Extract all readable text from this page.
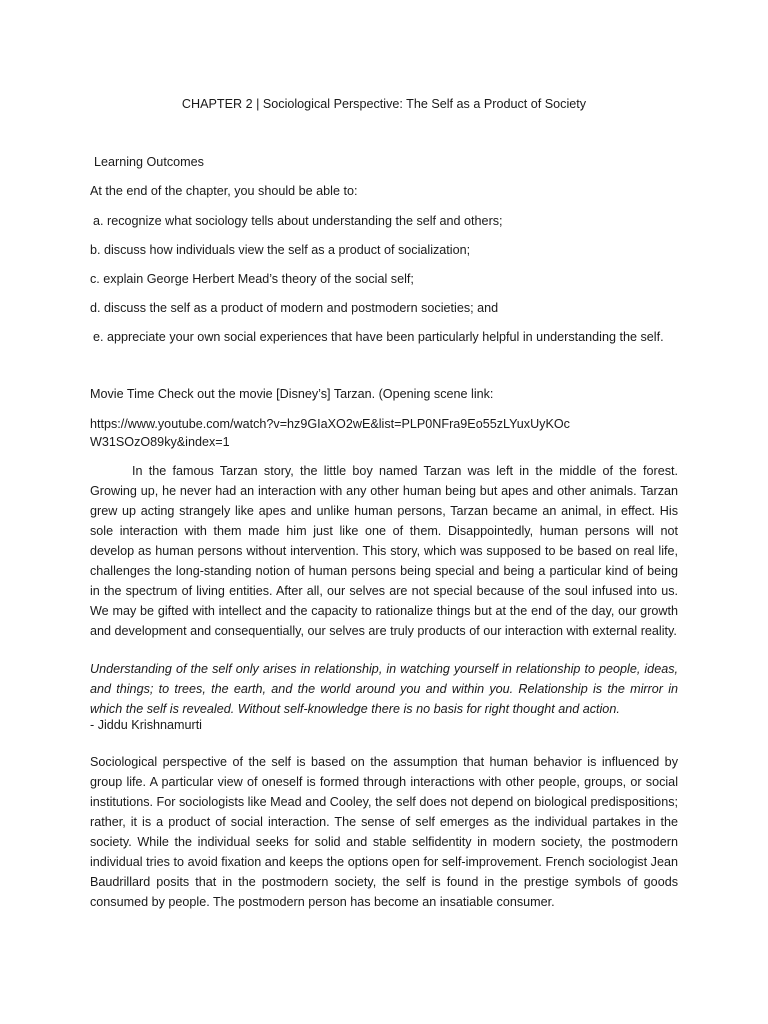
CHAPTER 2 | Sociological Perspective: The Self as a Product of Society
Learning Outcomes
At the end of the chapter, you should be able to:
a. recognize what sociology tells about understanding the self and others;
b. discuss how individuals view the self as a product of socialization;
c. explain George Herbert Mead’s theory of the social self;
d. discuss the self as a product of modern and postmodern societies; and
e. appreciate your own social experiences that have been particularly helpful in understanding the self.
Movie Time Check out the movie [Disney’s] Tarzan. (Opening scene link:
https://www.youtube.com/watch?v=hz9GIaXO2wE&list=PLP0NFra9Eo55zLYuxUyKOc
W31SOzO89ky&index=1

In the famous Tarzan story, the little boy named Tarzan was left in the middle of the forest. Growing up, he never had an interaction with any other human being but apes and other animals. Tarzan grew up acting strangely like apes and unlike human persons, Tarzan became an animal, in effect. His sole interaction with them made him just like one of them. Disappointedly, human persons will not develop as human persons without intervention. This story, which was supposed to be based on real life, challenges the long-standing notion of human persons being special and being a particular kind of being in the spectrum of living entities. After all, our selves are not special because of the soul infused into us. We may be gifted with intellect and the capacity to rationalize things but at the end of the day, our growth and development and consequentially, our selves are truly products of our interaction with external reality.

Understanding of the self only arises in relationship, in watching yourself in relationship to people, ideas, and things; to trees, the earth, and the world around you and within you. Relationship is the mirror in which the self is revealed. Without self-knowledge there is no basis for right thought and action.

- Jiddu Krishnamurti

Sociological perspective of the self is based on the assumption that human behavior is influenced by group life. A particular view of oneself is formed through interactions with other people, groups, or social institutions. For sociologists like Mead and Cooley, the self does not depend on biological predispositions; rather, it is a product of social interaction. The sense of self emerges as the individual partakes in the society. While the individual seeks for solid and stable selfidentity in modern society, the postmodern individual tries to avoid fixation and keeps the options open for self-improvement. French sociologist Jean Baudrillard posits that in the postmodern society, the self is found in the prestige symbols of goods consumed by people. The postmodern person has become an insatiable consumer.
